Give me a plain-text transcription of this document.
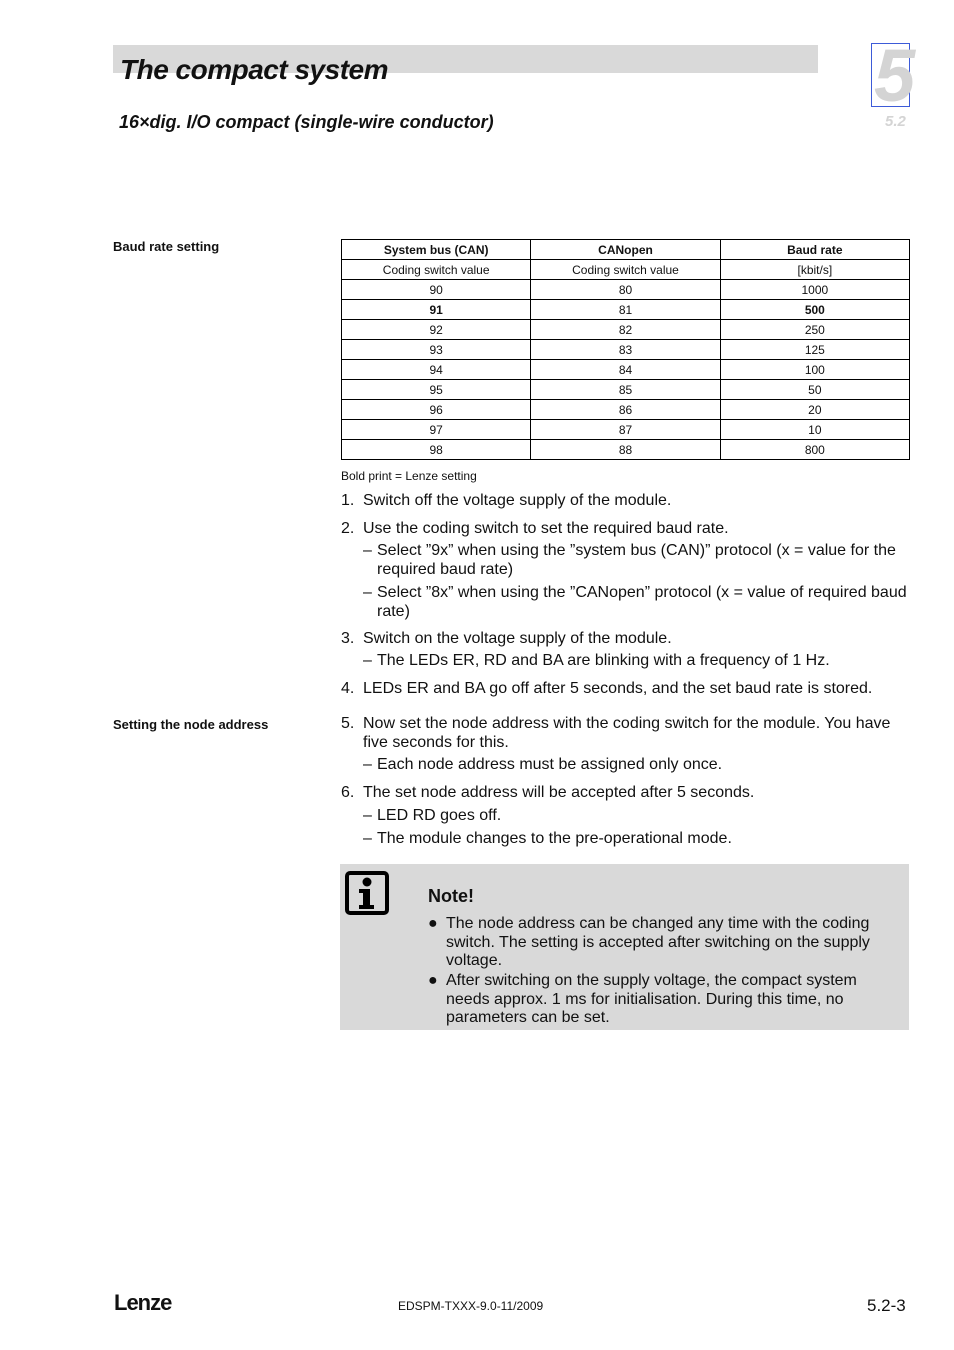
The compact system
16×dig. I/O compact (single-wire conductor)
5
5.2
Baud rate setting
Setting the node address
System bus (CAN)	CANopen	Baud rate
Coding switch value	Coding switch value	[kbit/s]
90	80	1000
91	81	500
92	82	250
93	83	125
94	84	100
95	85	50
96	86	20
97	87	10
98	88	800
Bold print = Lenze setting
1. Switch off the voltage supply of the module.
2. Use the coding switch to set the required baud rate.
– Select ”9x” when using the ”system bus (CAN)” protocol (x = value for the required baud rate)
– Select ”8x” when using the ”CANopen” protocol (x = value of required baud rate)
3. Switch on the voltage supply of the module.
– The LEDs ER, RD and BA are blinking with a frequency of 1 Hz.
4. LEDs ER and BA go off after 5 seconds, and the set baud rate is stored.
5. Now set the node address with the coding switch for the module. You have five seconds for this.
– Each node address must be assigned only once.
6. The set node address will be accepted after 5 seconds.
– LED RD goes off.
– The module changes to the pre-operational mode.
Note!
● The node address can be changed any time with the coding switch. The setting is accepted after switching on the supply voltage.
● After switching on the supply voltage, the compact system needs approx. 1 ms for initialisation. During this time, no parameters can be set.
Lenze	EDSPM-TXXX-9.0-11/2009	5.2-3
